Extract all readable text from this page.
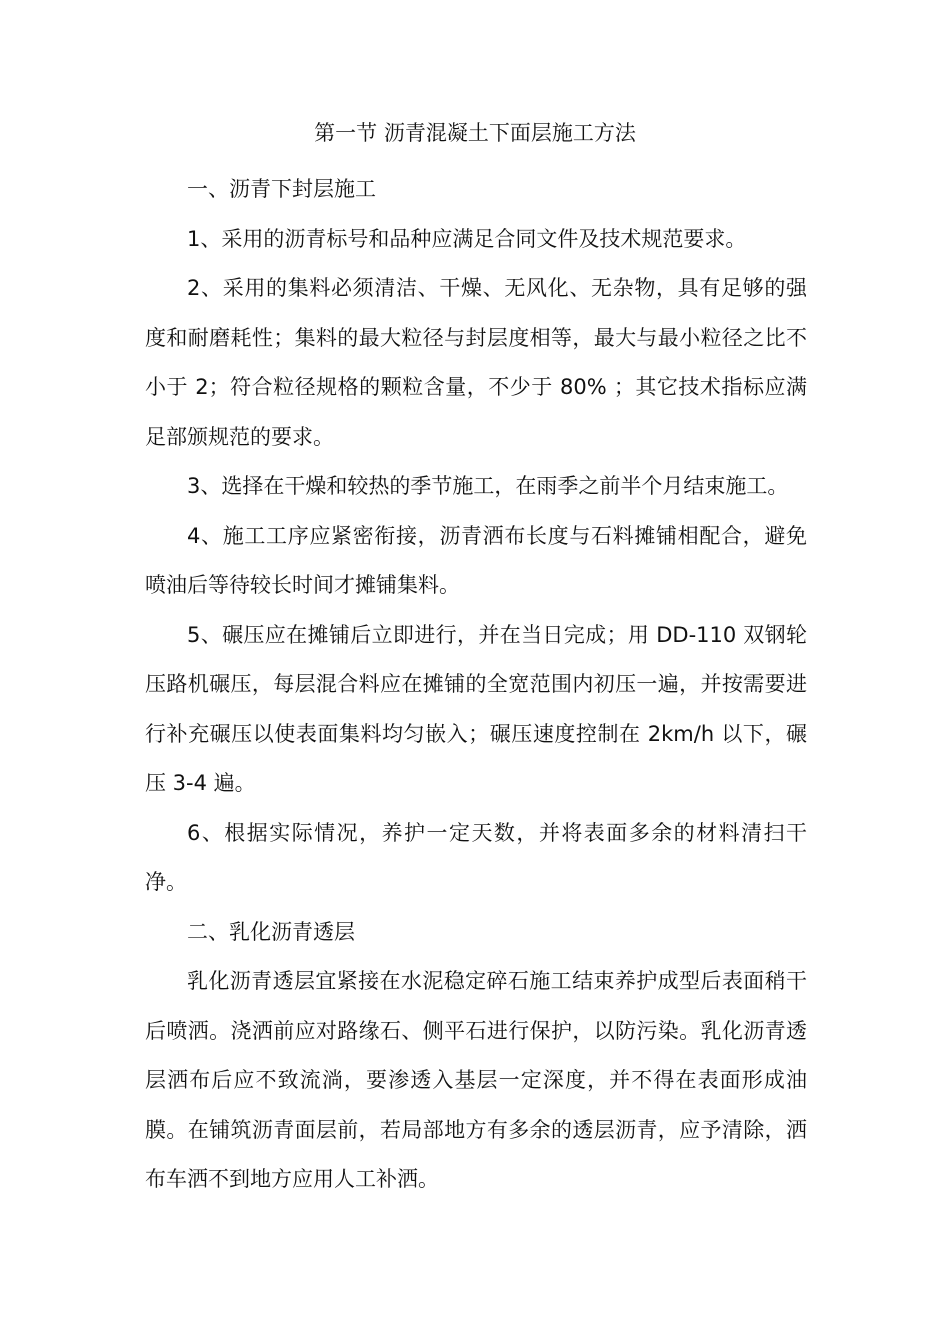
第一节 沥青混凝土下面层施工方法

一、沥青下封层施工

1、采用的沥青标号和品种应满足合同文件及技术规范要求。

2、采用的集料必须清洁、干燥、无风化、无杂物，具有足够的强度和耐磨耗性；集料的最大粒径与封层度相等，最大与最小粒径之比不小于 2；符合粒径规格的颗粒含量，不少于 80% ；其它技术指标应满足部颁规范的要求。

3、选择在干燥和较热的季节施工，在雨季之前半个月结束施工。

4、施工工序应紧密衔接，沥青洒布长度与石料摊铺相配合，避免喷油后等待较长时间才摊铺集料。

5、碾压应在摊铺后立即进行，并在当日完成；用 DD-110 双钢轮压路机碾压，每层混合料应在摊铺的全宽范围内初压一遍，并按需要进行补充碾压以使表面集料均匀嵌入；碾压速度控制在 2km/h 以下，碾压 3-4 遍。

6、根据实际情况，养护一定天数，并将表面多余的材料清扫干净。

二、乳化沥青透层

乳化沥青透层宜紧接在水泥稳定碎石施工结束养护成型后表面稍干后喷洒。浇洒前应对路缘石、侧平石进行保护，以防污染。乳化沥青透层洒布后应不致流淌，要渗透入基层一定深度，并不得在表面形成油膜。在铺筑沥青面层前，若局部地方有多余的透层沥青，应予清除，洒布车洒不到地方应用人工补洒。
